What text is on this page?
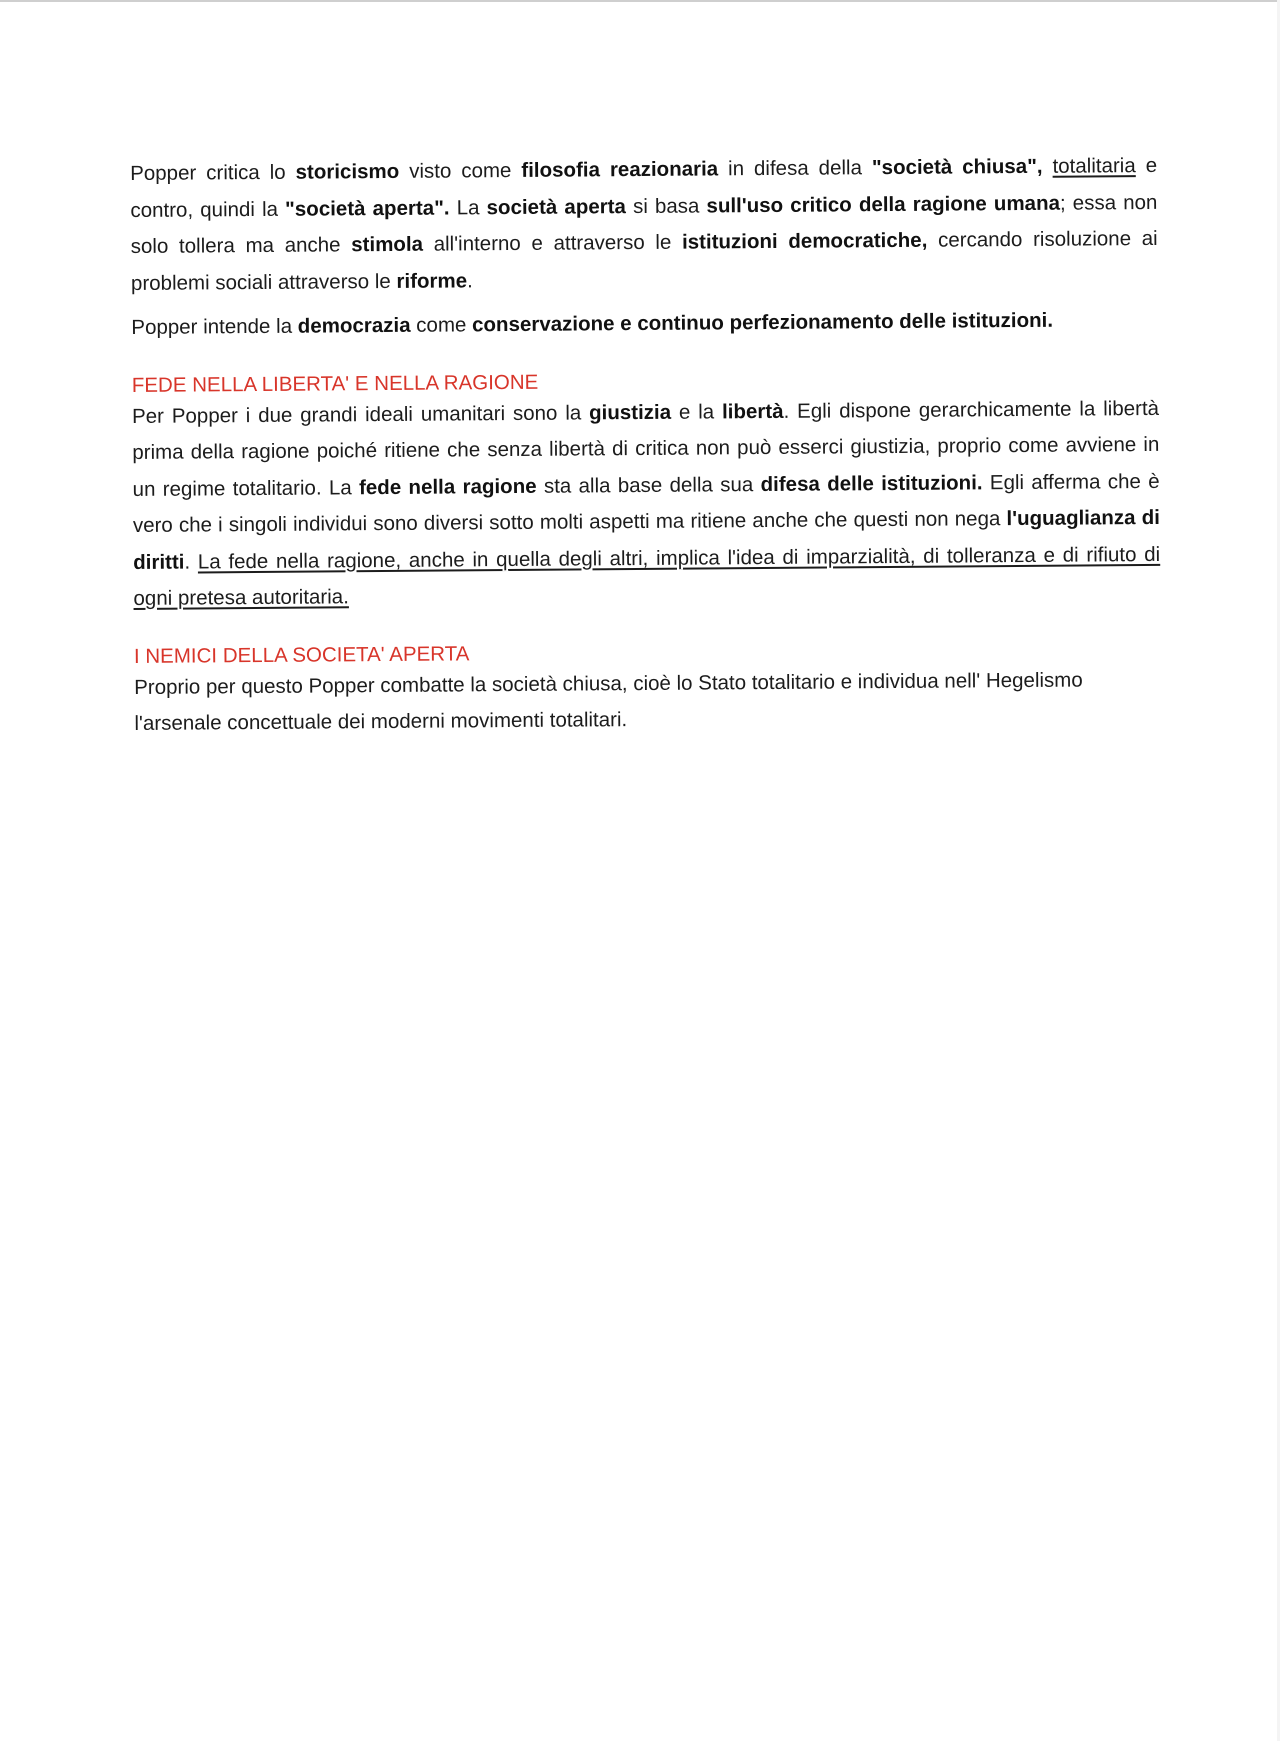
Popper critica lo storicismo visto come filosofia reazionaria in difesa della "società chiusa", totalitaria e contro, quindi la "società aperta". La società aperta si basa sull'uso critico della ragione umana; essa non solo tollera ma anche stimola all'interno e attraverso le istituzioni democratiche, cercando risoluzione ai problemi sociali attraverso le riforme.

Popper intende la democrazia come conservazione e continuo perfezionamento delle istituzioni.

FEDE NELLA LIBERTA' E NELLA RAGIONE

Per Popper i due grandi ideali umanitari sono la giustizia e la libertà. Egli dispone gerarchicamente la libertà prima della ragione poiché ritiene che senza libertà di critica non può esserci giustizia, proprio come avviene in un regime totalitario. La fede nella ragione sta alla base della sua difesa delle istituzioni. Egli afferma che è vero che i singoli individui sono diversi sotto molti aspetti ma ritiene anche che questi non nega l'uguaglianza di diritti. La fede nella ragione, anche in quella degli altri, implica l'idea di imparzialità, di tolleranza e di rifiuto di ogni pretesa autoritaria.

I NEMICI DELLA SOCIETA' APERTA

Proprio per questo Popper combatte la società chiusa, cioè lo Stato totalitario e individua nell' Hegelismo l'arsenale concettuale dei moderni movimenti totalitari.
